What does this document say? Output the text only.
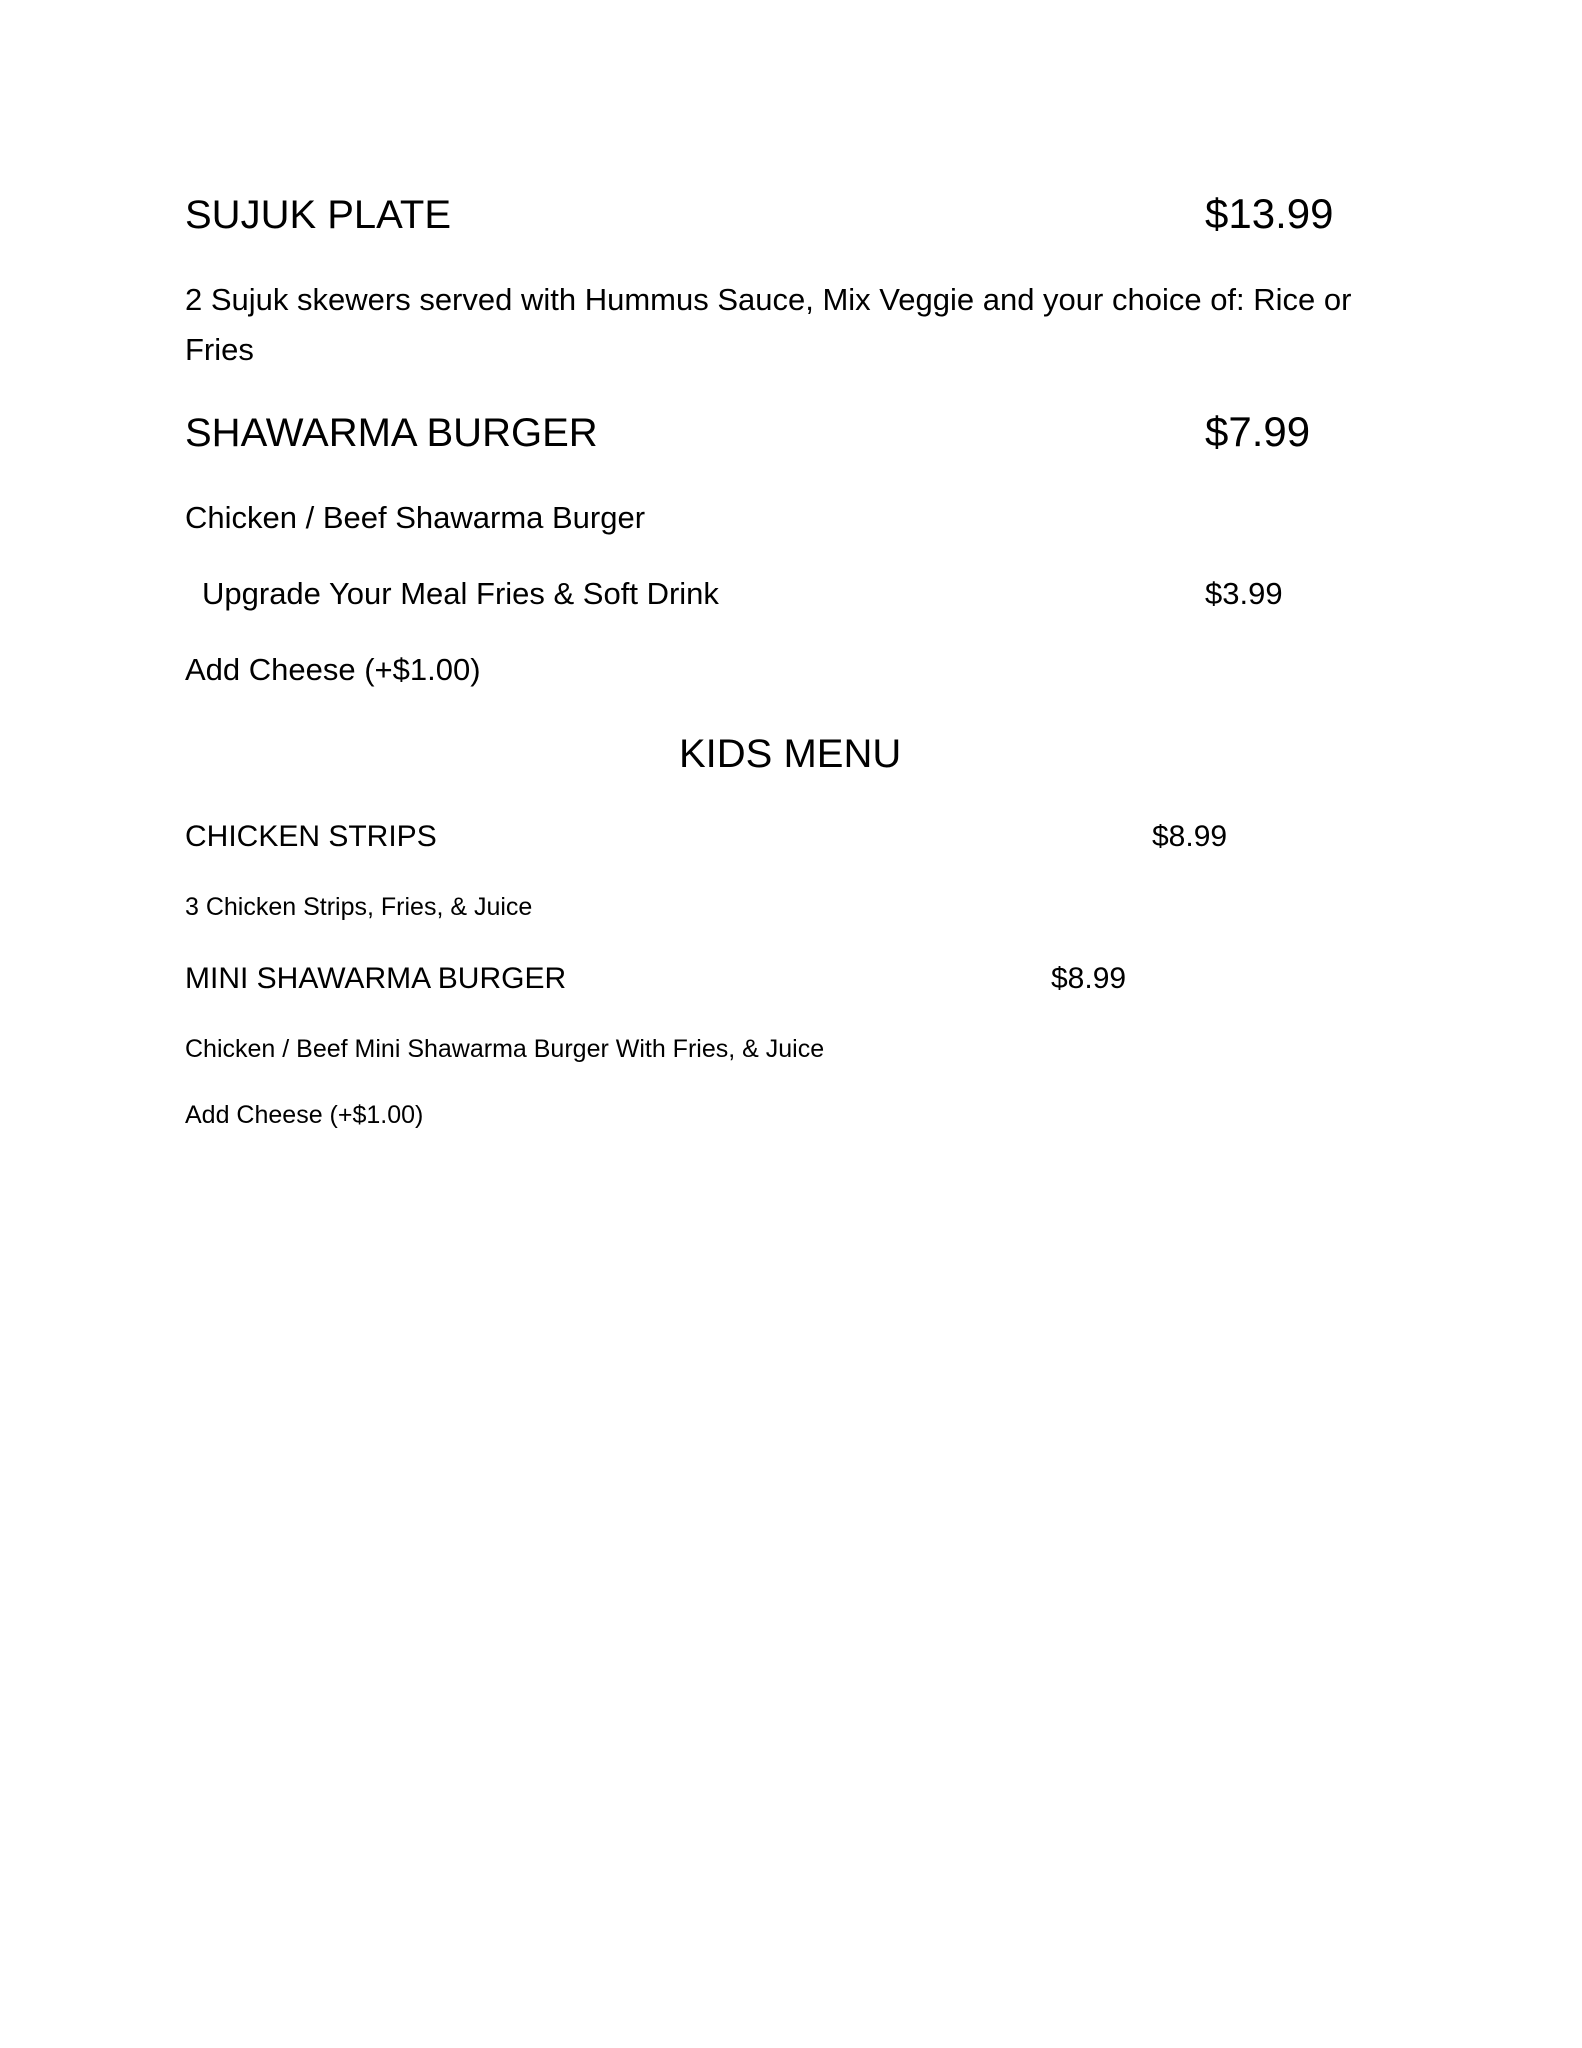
SUJUK PLATE	$13.99
2 Sujuk skewers served with Hummus Sauce, Mix Veggie and your choice of: Rice or Fries
SHAWARMA BURGER	$7.99
Chicken / Beef Shawarma Burger
Upgrade Your Meal Fries & Soft Drink	$3.99
Add Cheese (+$1.00)
KIDS MENU
CHICKEN STRIPS	$8.99
3 Chicken Strips, Fries, & Juice
MINI SHAWARMA BURGER	$8.99
Chicken / Beef Mini Shawarma Burger With Fries, & Juice
Add Cheese (+$1.00)
